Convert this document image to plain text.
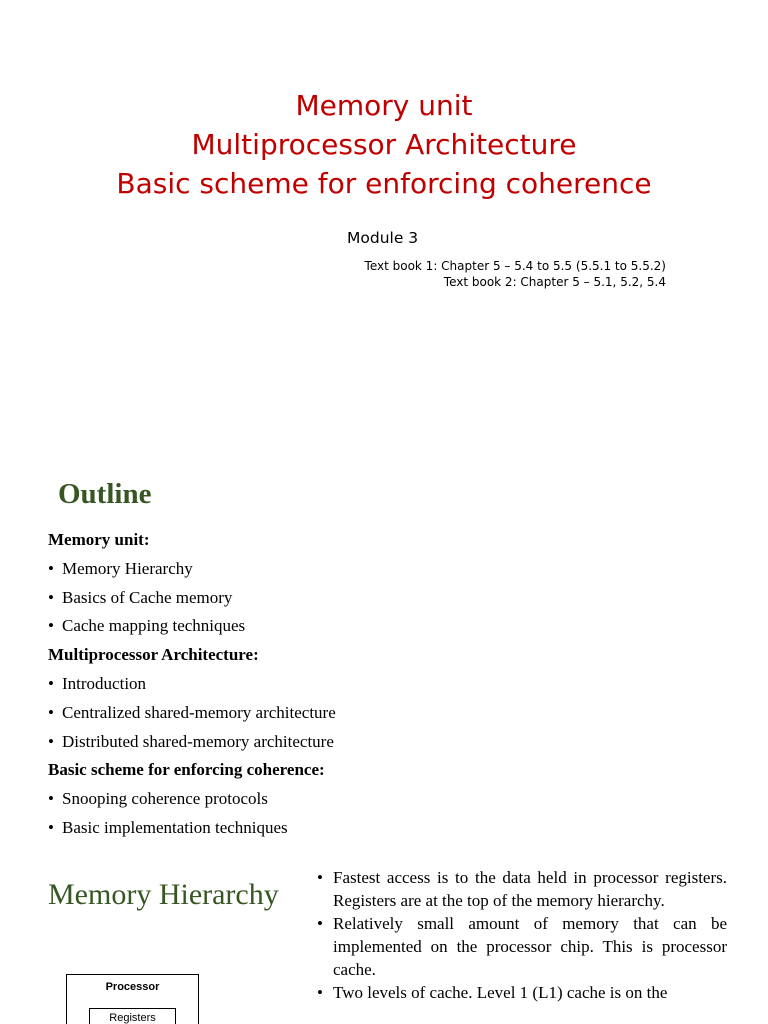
Memory unit
Multiprocessor Architecture
Basic scheme for enforcing coherence
Module 3
Text book 1: Chapter 5 – 5.4 to 5.5 (5.5.1 to 5.5.2)
Text book 2: Chapter 5 – 5.1, 5.2, 5.4
Outline
Memory unit:
• Memory Hierarchy
• Basics of Cache memory
• Cache mapping techniques
Multiprocessor Architecture:
• Introduction
• Centralized shared-memory architecture
• Distributed shared-memory architecture
Basic scheme for enforcing coherence:
• Snooping coherence protocols
• Basic implementation techniques
Memory Hierarchy
• Fastest access is to the data held in processor registers. Registers are at the top of the memory hierarchy.
• Relatively small amount of memory that can be implemented on the processor chip. This is processor cache.
• Two levels of cache. Level 1 (L1) cache is on the
Processor
Registers
